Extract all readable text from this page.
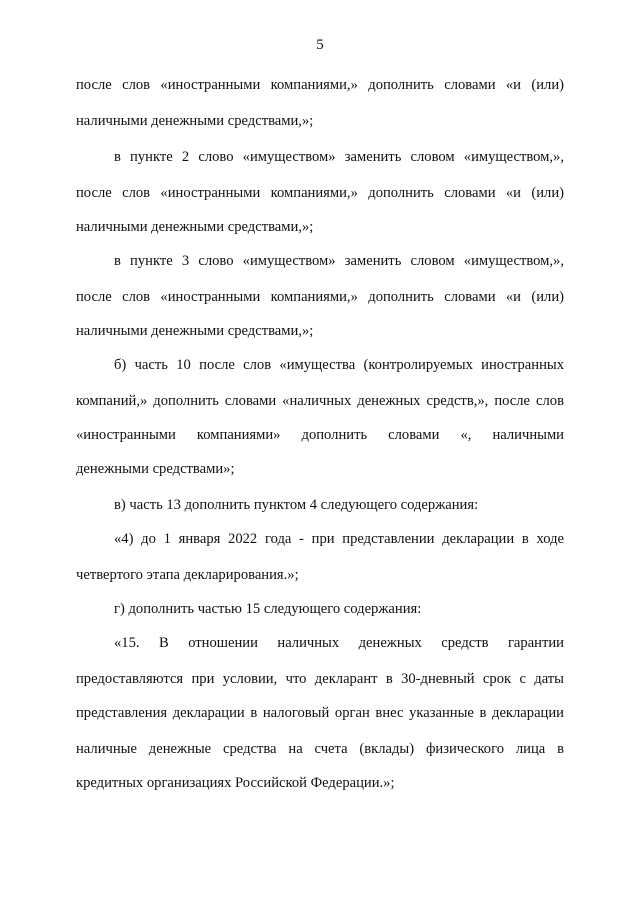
5
после слов «иностранными компаниями,» дополнить словами «и (или)
наличными денежными средствами,»;
в пункте 2 слово «имуществом» заменить словом «имуществом,»,
после слов «иностранными компаниями,» дополнить словами «и (или)
наличными денежными средствами,»;
в пункте 3 слово «имуществом» заменить словом «имуществом,»,
после слов «иностранными компаниями,» дополнить словами «и (или)
наличными денежными средствами,»;
б) часть 10 после слов «имущества (контролируемых иностранных
компаний,» дополнить словами «наличных денежных средств,», после слов
«иностранными компаниями» дополнить словами «, наличными
денежными средствами»;
в) часть 13 дополнить пунктом 4 следующего содержания:
«4) до 1 января 2022 года - при представлении декларации в ходе
четвертого этапа декларирования.»;
г) дополнить частью 15 следующего содержания:
«15. В отношении наличных денежных средств гарантии
предоставляются при условии, что декларант в 30-дневный срок с даты
представления декларации в налоговый орган внес указанные в декларации
наличные денежные средства на счета (вклады) физического лица в
кредитных организациях Российской Федерации.»;
